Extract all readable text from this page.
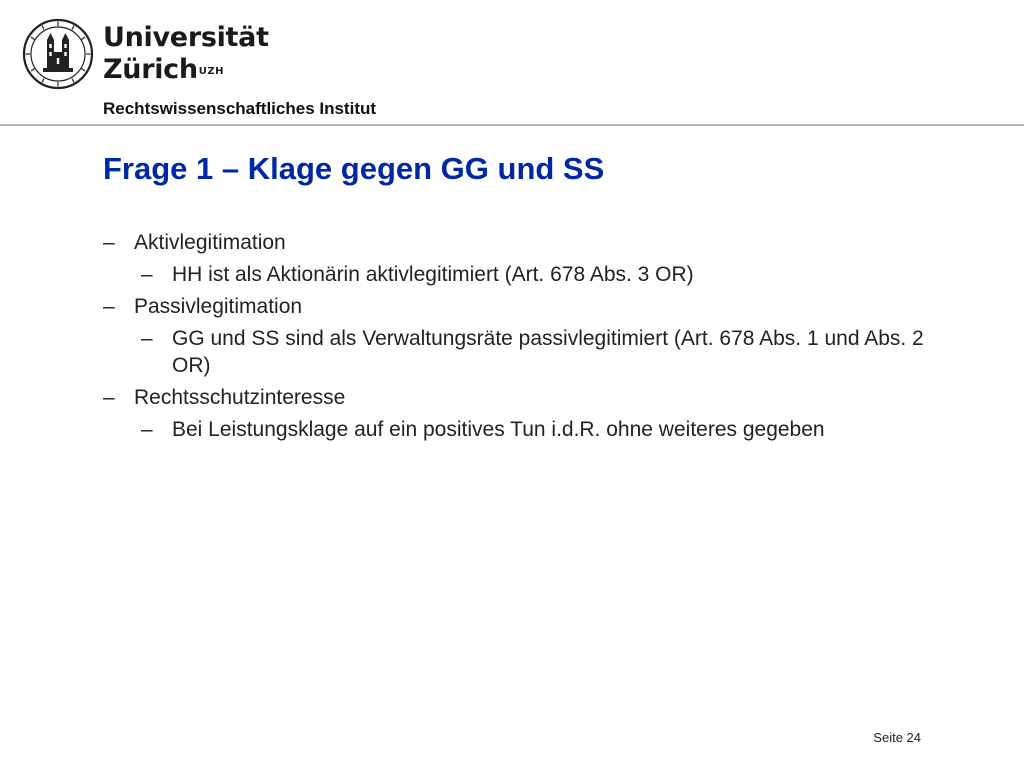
Universität
Zürich$^{UZH}$
Rechtswissenschaftliches Institut
Frage 1 – Klage gegen GG und SS
– Aktivlegitimation
– HH ist als Aktionärin aktivlegitimiert (Art. 678 Abs. 3 OR)
– Passivlegitimation
– GG und SS sind als Verwaltungsräte passivlegitimiert (Art. 678 Abs. 1 und Abs. 2 OR)
– Rechtsschutzinteresse
– Bei Leistungsklage auf ein positives Tun i.d.R. ohne weiteres gegeben
Seite 24
